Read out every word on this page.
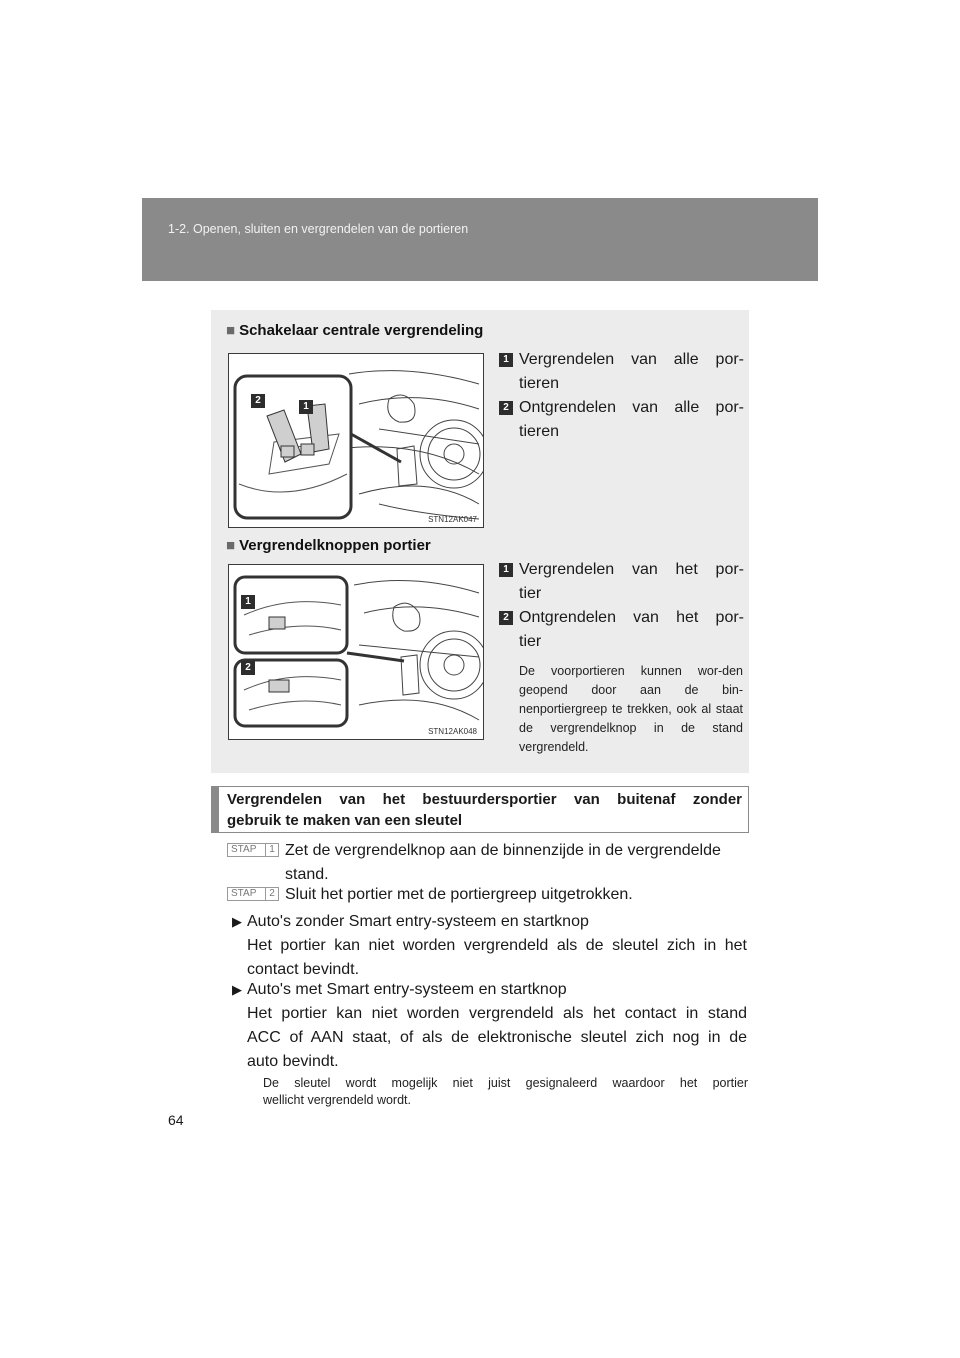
1-2. Openen, sluiten en vergrendelen van de portieren
■ Schakelaar centrale vergrendeling
2
1
STN12AK047
1 Vergrendelen van alle por-
tieren
2 Ontgrendelen van alle por-
tieren
■ Vergrendelknoppen portier
1
2
STN12AK048
1 Vergrendelen van het por-
tier
2 Ontgrendelen van het por-
tier
De voorportieren kunnen wor-den geopend door aan de bin-nenportiergreep te trekken, ook al staat de vergrendelknop in de stand vergrendeld.
Vergrendelen van het bestuurdersportier van buitenaf zonder
gebruik te maken van een sleutel
STAP	1 Zet de vergrendelknop aan de binnenzijde in de vergrendelde
stand.
STAP	2 Sluit het portier met de portiergreep uitgetrokken.
▶ Auto's zonder Smart entry-systeem en startknop
Het portier kan niet worden vergrendeld als de sleutel zich in het
contact bevindt.
▶ Auto's met Smart entry-systeem en startknop
Het portier kan niet worden vergrendeld als het contact in stand
ACC of AAN staat, of als de elektronische sleutel zich nog in de
auto bevindt.
De sleutel wordt mogelijk niet juist gesignaleerd waardoor het portier
wellicht vergrendeld wordt.
64
